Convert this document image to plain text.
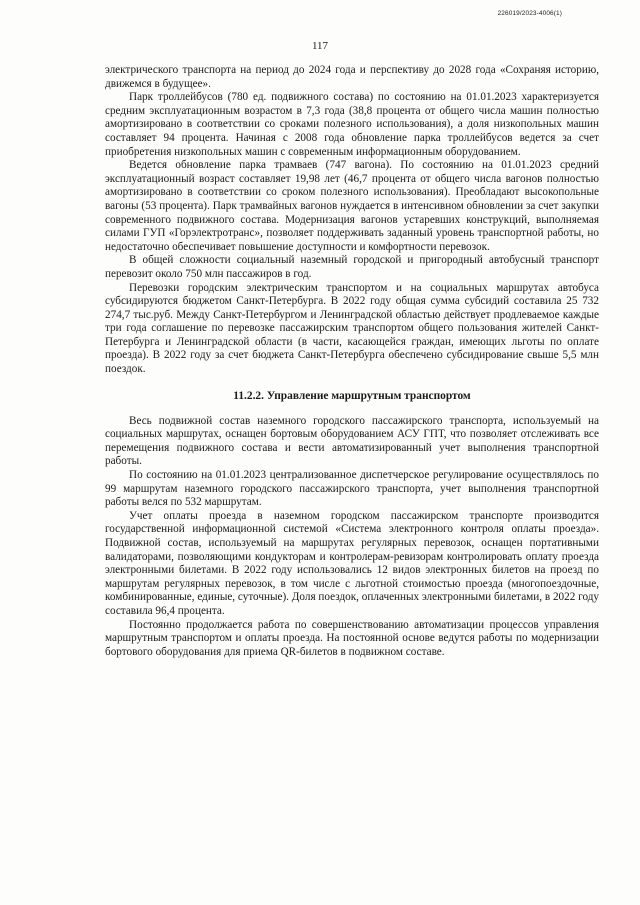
226019/2023-4006(1)
117

электрического транспорта на период до 2024 года и перспективу до 2028 года «Сохраняя историю, движемся в будущее».

Парк троллейбусов (780 ед. подвижного состава) по состоянию на 01.01.2023 характеризуется средним эксплуатационным возрастом в 7,3 года (38,8 процента от общего числа машин полностью амортизировано в соответствии со сроками полезного использования), а доля низкопольных машин составляет 94 процента. Начиная с 2008 года обновление парка троллейбусов ведется за счет приобретения низкопольных машин с современным информационным оборудованием.

Ведется обновление парка трамваев (747 вагона). По состоянию на 01.01.2023 средний эксплуатационный возраст составляет 19,98 лет (46,7 процента от общего числа вагонов полностью амортизировано в соответствии со сроком полезного использования). Преобладают высокопольные вагоны (53 процента). Парк трамвайных вагонов нуждается в интенсивном обновлении за счет закупки современного подвижного состава. Модернизация вагонов устаревших конструкций, выполняемая силами ГУП «Горэлектротранс», позволяет поддерживать заданный уровень транспортной работы, но недостаточно обеспечивает повышение доступности и комфортности перевозок.

В общей сложности социальный наземный городской и пригородный автобусный транспорт перевозит около 750 млн пассажиров в год.

Перевозки городским электрическим транспортом и на социальных маршрутах автобуса субсидируются бюджетом Санкт-Петербурга. В 2022 году общая сумма субсидий составила 25 732 274,7 тыс.руб. Между Санкт-Петербургом и Ленинградской областью действует продлеваемое каждые три года соглашение по перевозке пассажирским транспортом общего пользования жителей Санкт-Петербурга и Ленинградской области (в части, касающейся граждан, имеющих льготы по оплате проезда). В 2022 году за счет бюджета Санкт-Петербурга обеспечено субсидирование свыше 5,5 млн поездок.

11.2.2. Управление маршрутным транспортом

Весь подвижной состав наземного городского пассажирского транспорта, используемый на социальных маршрутах, оснащен бортовым оборудованием АСУ ГПТ, что позволяет отслеживать все перемещения подвижного состава и вести автоматизированный учет выполнения транспортной работы.

По состоянию на 01.01.2023 централизованное диспетчерское регулирование осуществлялось по 99 маршрутам наземного городского пассажирского транспорта, учет выполнения транспортной работы велся по 532 маршрутам.

Учет оплаты проезда в наземном городском пассажирском транспорте производится государственной информационной системой «Система электронного контроля оплаты проезда». Подвижной состав, используемый на маршрутах регулярных перевозок, оснащен портативными валидаторами, позволяющими кондукторам и контролерам-ревизорам контролировать оплату проезда электронными билетами. В 2022 году использовались 12 видов электронных билетов на проезд по маршрутам регулярных перевозок, в том числе с льготной стоимостью проезда (многопоездочные, комбинированные, единые, суточные). Доля поездок, оплаченных электронными билетами, в 2022 году составила 96,4 процента.

Постоянно продолжается работа по совершенствованию автоматизации процессов управления маршрутным транспортом и оплаты проезда. На постоянной основе ведутся работы по модернизации бортового оборудования для приема QR-билетов в подвижном составе.
